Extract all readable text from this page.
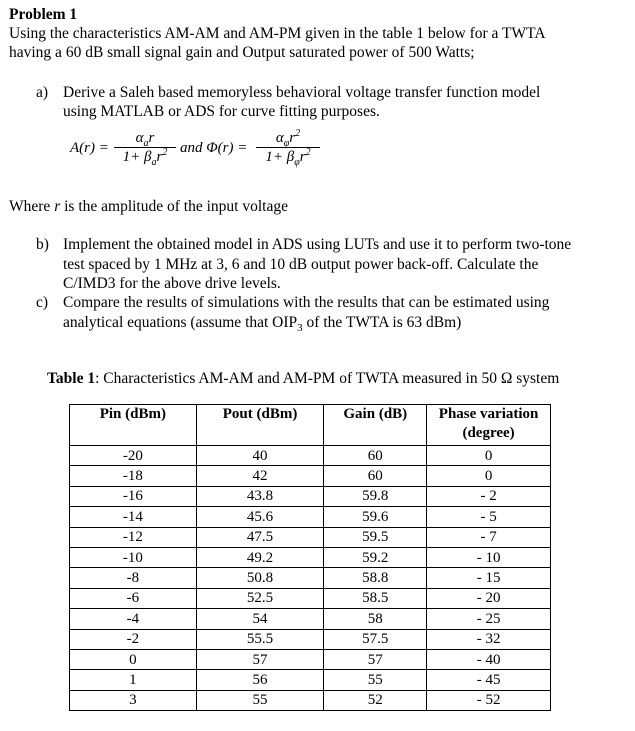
Problem 1
Using the characteristics AM-AM and AM-PM given in the table 1 below for a TWTA
having a 60 dB small signal gain and Output saturated power of 500 Watts;
a) Derive a Saleh based memoryless behavioral voltage transfer function model
using MATLAB or ADS for curve fitting purposes.
A(r) =
$\alpha_ar$
$1+ \beta_ar^2$ and Φ(r) =
$\alpha_\varphi r^2$
$1+ \beta_\varphi r^2$
Where r is the amplitude of the input voltage
b) Implement the obtained model in ADS using LUTs and use it to perform two-tone
test spaced by 1 MHz at 3, 6 and 10 dB output power back-off. Calculate the
C/IMD3 for the above drive levels.
c) Compare the results of simulations with the results that can be estimated using
analytical equations (assume that $OIP_3$ of the TWTA is 63 dBm)
Table 1: Characteristics AM-AM and AM-PM of TWTA measured in 50 Ω system
Pin (dBm)	Pout (dBm)	Gain (dB)	Phase variation (degree)
-20	40	60	0
-18	42	60	0
-16	43.8	59.8	- 2
-14	45.6	59.6	- 5
-12	47.5	59.5	- 7
-10	49.2	59.2	- 10
-8	50.8	58.8	- 15
-6	52.5	58.5	- 20
-4	54	58	- 25
-2	55.5	57.5	- 32
0	57	57	- 40
1	56	55	- 45
3	55	52	- 52
